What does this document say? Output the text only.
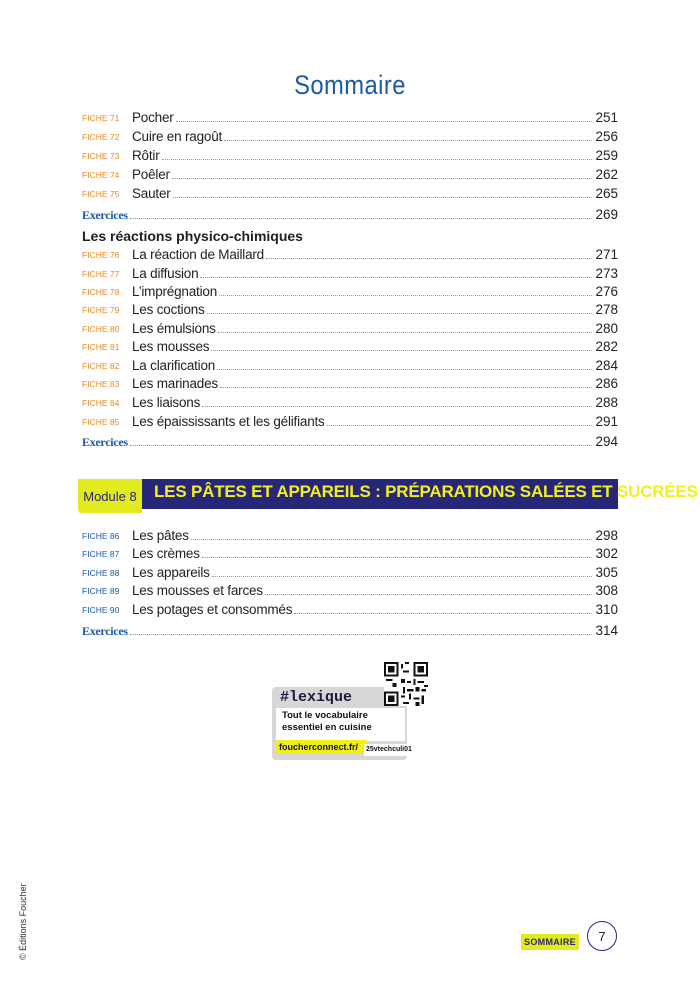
Sommaire
FICHE 71 Pocher	251
FICHE 72 Cuire en ragoût	256
FICHE 73 Rôtir	259
FICHE 74 Poêler	262
FICHE 75 Sauter	265
Exercices	269
Les réactions physico-chimiques
FICHE 76 La réaction de Maillard	271
FICHE 77 La diffusion	273
FICHE 78 L’imprégnation	276
FICHE 79 Les coctions	278
FICHE 80 Les émulsions	280
FICHE 81 Les mousses	282
FICHE 82 La clarification	284
FICHE 83 Les marinades	286
FICHE 84 Les liaisons	288
FICHE 85 Les épaississants et les gélifiants	291
Exercices	294
Module 8	LES PÂTES ET APPAREILS : PRÉPARATIONS SALÉES ET SUCRÉES
FICHE 86 Les pâtes	298
FICHE 87 Les crèmes	302
FICHE 88 Les appareils	305
FICHE 89 Les mousses et farces	308
FICHE 90 Les potages et consommés	310
Exercices	314
#lexique
Tout le vocabulaire
essentiel en cuisine
foucherconnect.fr/	25vtechculi01
© Éditions Foucher	SOMMAIRE	7
